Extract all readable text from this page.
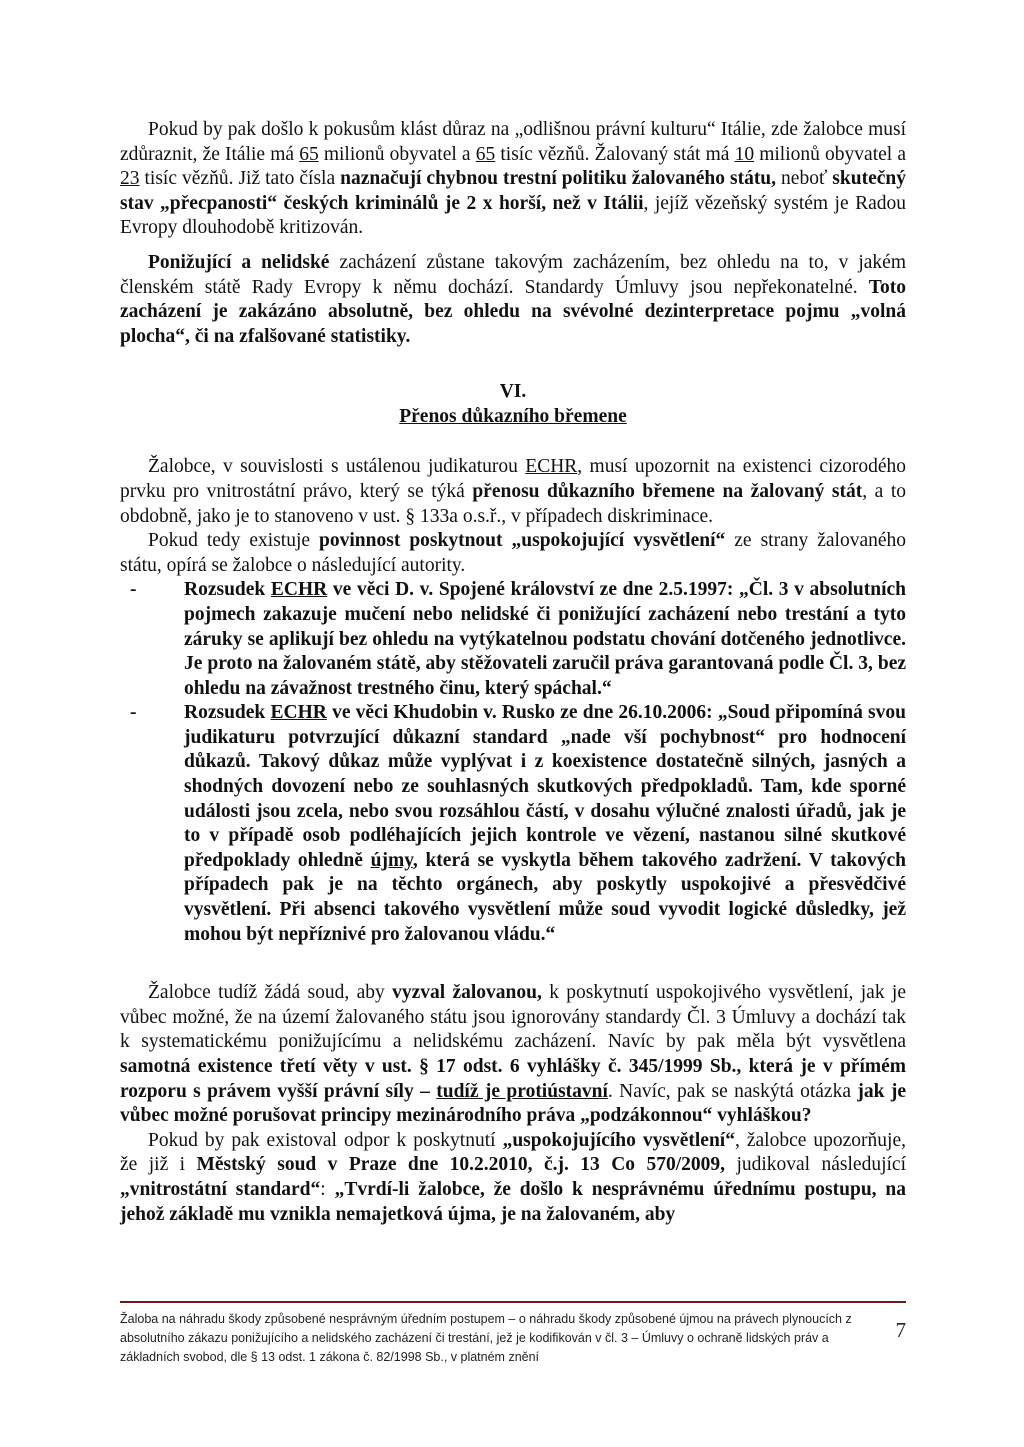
Pokud by pak došlo k pokusům klást důraz na „odlišnou právní kulturu“ Itálie, zde žalobce musí zdůraznit, že Itálie má 65 milionů obyvatel a 65 tisíc vězňů. Žalovaný stát má 10 milionů obyvatel a 23 tisíc vězňů. Již tato čísla naznačují chybnou trestní politiku žalovaného státu, neboť skutečný stav „přecpanosti“ českých kriminálů je 2 x horší, než v Itálii, jejíž vězeňský systém je Radou Evropy dlouhodobě kritizován.

Ponižující a nelidské zacházení zůstane takovým zacházením, bez ohledu na to, v jakém členském státě Rady Evropy k němu dochází. Standardy Úmluvy jsou nepřekonatelné. Toto zacházení je zakázáno absolutně, bez ohledu na svévolné dezinterpretace pojmu „volná plocha“, či na zfalšované statistiky.

VI.
Přenos důkazního břemene

Žalobce, v souvislosti s ustálenou judikaturou ECHR, musí upozornit na existenci cizorodého prvku pro vnitrostátní právo, který se týká přenosu důkazního břemene na žalovaný stát, a to obdobně, jako je to stanoveno v ust. § 133a o.s.ř., v případech diskriminace.

Pokud tedy existuje povinnost poskytnout „uspokojující vysvětlení“ ze strany žalovaného státu, opírá se žalobce o následující autority.

- Rozsudek ECHR ve věci D. v. Spojené království ze dne 2.5.1997: „Čl. 3 v absolutních pojmech zakazuje mučení nebo nelidské či ponižující zacházení nebo trestání a tyto záruky se aplikují bez ohledu na vytýkatelnou podstatu chování dotčeného jednotlivce. Je proto na žalovaném státě, aby stěžovateli zaručil práva garantovaná podle Čl. 3, bez ohledu na závažnost trestného činu, který spáchal.“
- Rozsudek ECHR ve věci Khudobin v. Rusko ze dne 26.10.2006: „Soud připomíná svou judikaturu potvrzující důkazní standard „nade vší pochybnost“ pro hodnocení důkazů. Takový důkaz může vyplývat i z koexistence dostatečně silných, jasných a shodných dovození nebo ze souhlasných skutkových předpokladů. Tam, kde sporné události jsou zcela, nebo svou rozsáhlou částí, v dosahu výlučné znalosti úřadů, jak je to v případě osob podléhajících jejich kontrole ve vězení, nastanou silné skutkové předpoklady ohledně újmy, která se vyskytla během takového zadržení. V takových případech pak je na těchto orgánech, aby poskytly uspokojivé a přesvědčivé vysvětlení. Při absenci takového vysvětlení může soud vyvodit logické důsledky, jež mohou být nepříznivé pro žalovanou vládu.“

Žalobce tudíž žádá soud, aby vyzval žalovanou, k poskytnutí uspokojivého vysvětlení, jak je vůbec možné, že na území žalovaného státu jsou ignorovány standardy Čl. 3 Úmluvy a dochází tak k systematickému ponižujícímu a nelidskému zacházení. Navíc by pak měla být vysvětlena samotná existence třetí věty v ust. § 17 odst. 6 vyhlášky č. 345/1999 Sb., která je v přímém rozporu s právem vyšší právní síly – tudíž je protiústavní. Navíc, pak se naskýtá otázka jak je vůbec možné porušovat principy mezinárodního práva „podzákonnou“ vyhláškou?

Pokud by pak existoval odpor k poskytnutí „uspokojujícího vysvětlení“, žalobce upozorňuje, že již i Městský soud v Praze dne 10.2.2010, č.j. 13 Co 570/2009, judikoval následující „vnitrostátní standard“: „Tvrdí-li žalobce, že došlo k nesprávnému úřednímu postupu, na jehož základě mu vznikla nemajetková újma, je na žalovaném, aby

Žaloba na náhradu škody způsobené nesprávným úředním postupem – o náhradu škody způsobené újmou na právech plynoucích z absolutního zákazu ponižujícího a nelidského zacházení či trestání, jež je kodifikován v čl. 3 – Úmluvy o ochraně lidských práv a základních svobod, dle § 13 odst. 1 zákona č. 82/1998 Sb., v platném znění
7
